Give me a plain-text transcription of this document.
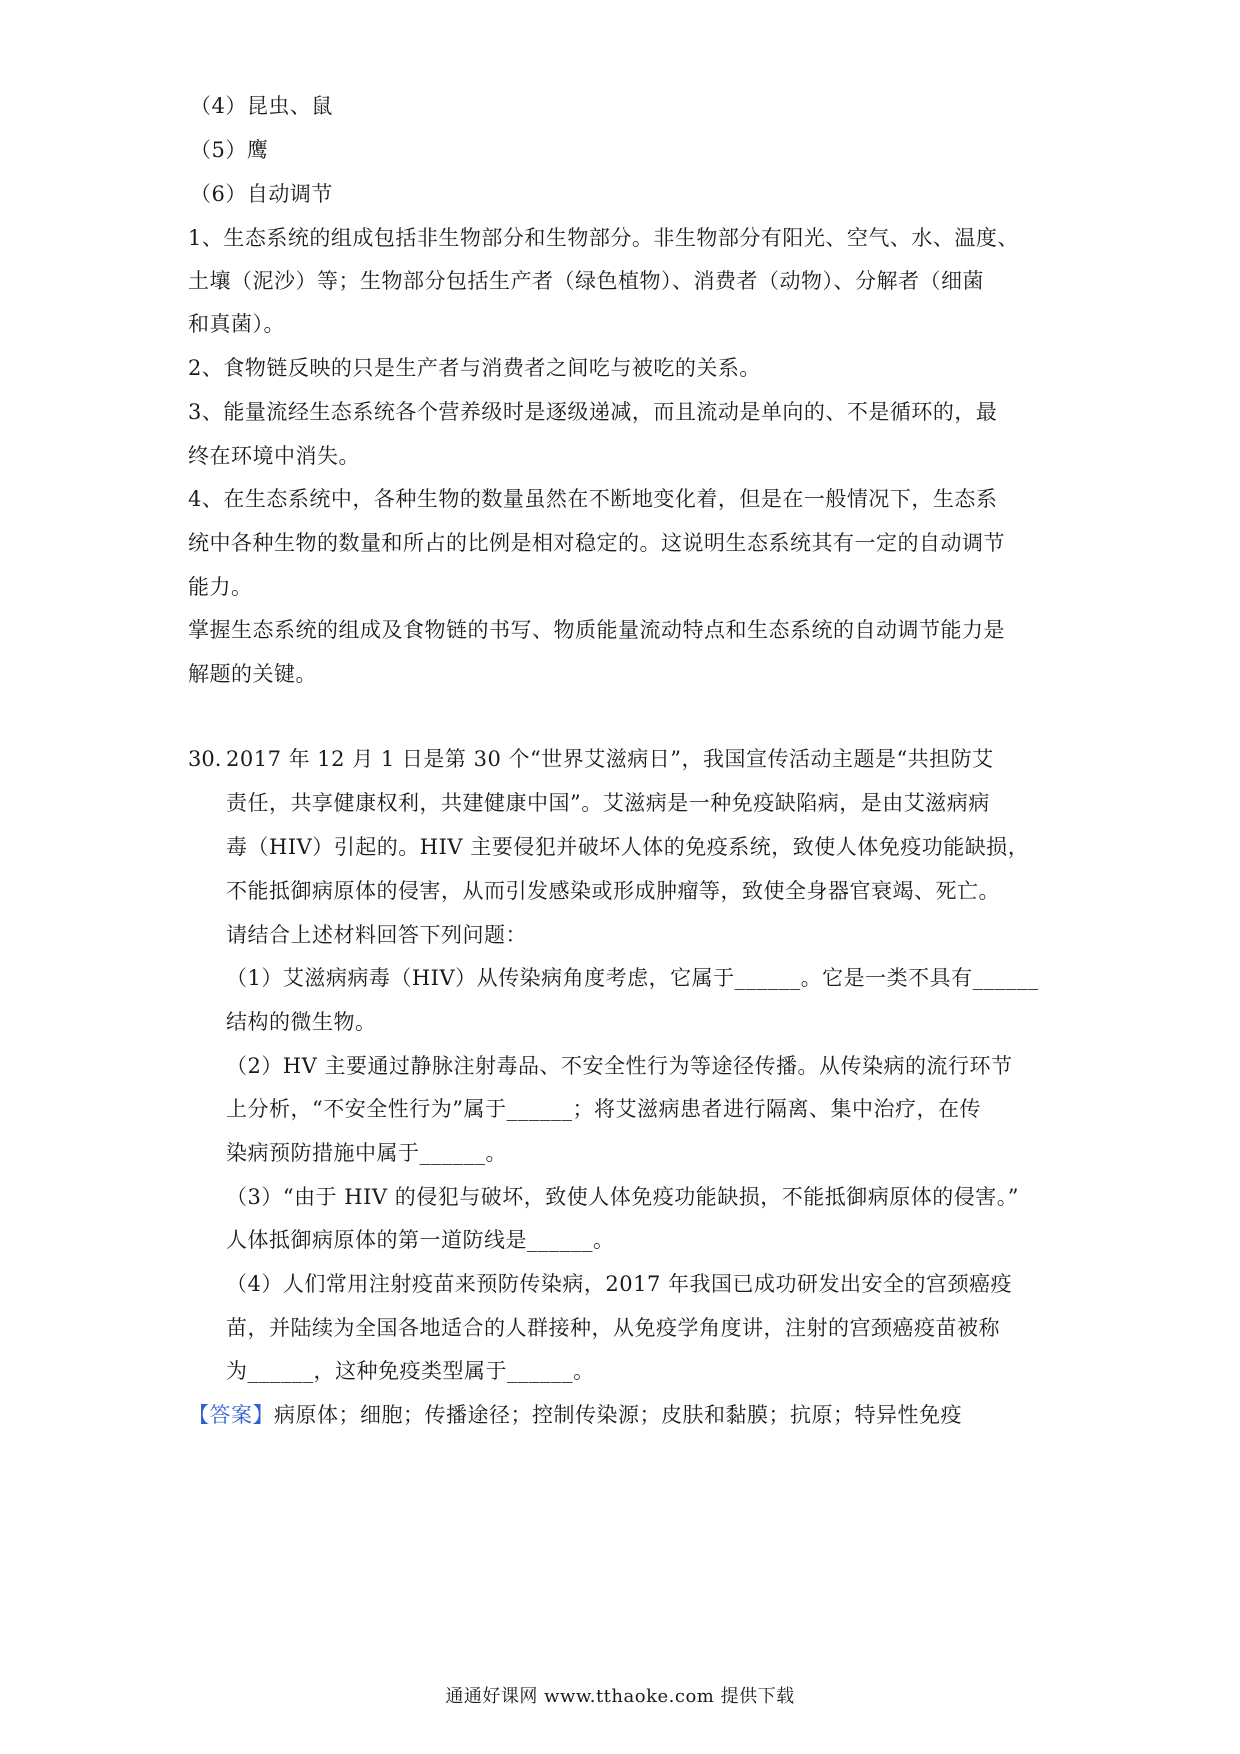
（4）昆虫、鼠
（5）鹰
（6）自动调节
1、生态系统的组成包括非生物部分和生物部分。非生物部分有阳光、空气、水、温度、
土壤（泥沙）等；生物部分包括生产者（绿色植物）、消费者（动物）、分解者（细菌
和真菌）。
2、食物链反映的只是生产者与消费者之间吃与被吃的关系。
3、能量流经生态系统各个营养级时是逐级递减，而且流动是单向的、不是循环的，最
终在环境中消失。
4、在生态系统中，各种生物的数量虽然在不断地变化着，但是在一般情况下，生态系
统中各种生物的数量和所占的比例是相对稳定的。这说明生态系统其有一定的自动调节
能力。
掌握生态系统的组成及食物链的书写、物质能量流动特点和生态系统的自动调节能力是
解题的关键。
30. 2017 年 12 月 1 日是第 30 个“世界艾滋病日”，我国宣传活动主题是“共担防艾
责任，共享健康权利，共建健康中国”。艾滋病是一种免疫缺陷病，是由艾滋病病
毒（HIV）引起的。HIV 主要侵犯并破坏人体的免疫系统，致使人体免疫功能缺损，
不能抵御病原体的侵害，从而引发感染或形成肿瘤等，致使全身器官衰竭、死亡。
请结合上述材料回答下列问题：
（1）艾滋病病毒（HIV）从传染病角度考虑，它属于______。它是一类不具有______
结构的微生物。
（2）HV 主要通过静脉注射毒品、不安全性行为等途径传播。从传染病的流行环节
上分析，“不安全性行为”属于______；将艾滋病患者进行隔离、集中治疗，在传
染病预防措施中属于______。
（3）“由于 HIV 的侵犯与破坏，致使人体免疫功能缺损，不能抵御病原体的侵害。”
人体抵御病原体的第一道防线是______。
（4）人们常用注射疫苗来预防传染病，2017 年我国已成功研发出安全的宫颈癌疫
苗，并陆续为全国各地适合的人群接种，从免疫学角度讲，注射的宫颈癌疫苗被称
为______，这种免疫类型属于______。
【答案】病原体；细胞；传播途径；控制传染源；皮肤和黏膜；抗原；特异性免疫
通通好课网 www.tthaoke.com 提供下载
